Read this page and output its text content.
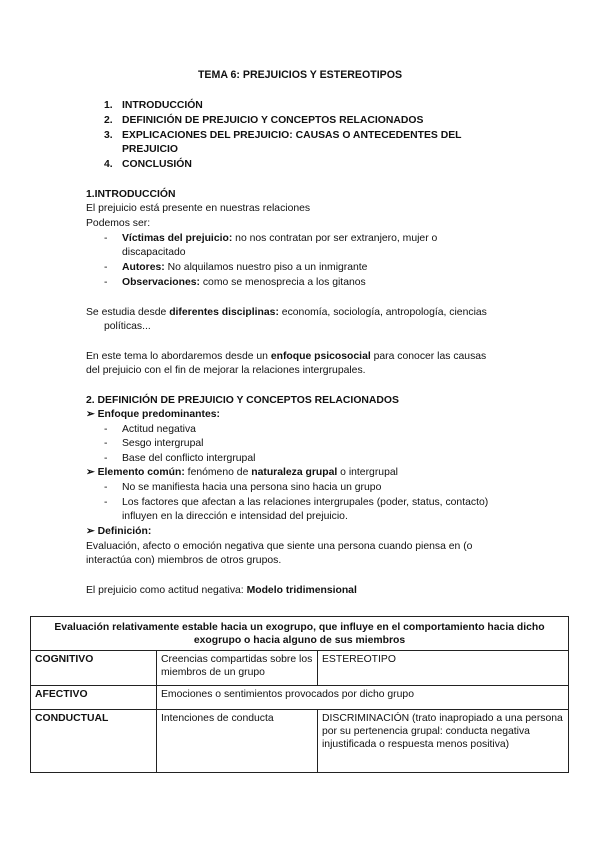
TEMA 6: PREJUICIOS Y ESTEREOTIPOS
1. INTRODUCCIÓN
2. DEFINICIÓN DE PREJUICIO Y CONCEPTOS RELACIONADOS
3. EXPLICACIONES DEL PREJUICIO: CAUSAS O ANTECEDENTES DEL
PREJUICIO
4. CONCLUSIÓN
1.INTRODUCCIÓN
El prejuicio está presente en nuestras relaciones
Podemos ser:
- Víctimas del prejuicio: no nos contratan por ser extranjero, mujer o
discapacitado
- Autores: No alquilamos nuestro piso a un inmigrante
- Observaciones: como se menosprecia a los gitanos
Se estudia desde diferentes disciplinas: economía, sociología, antropología, ciencias
políticas...
En este tema lo abordaremos desde un enfoque psicosocial para conocer las causas
del prejuicio con el fin de mejorar la relaciones intergrupales.
2. DEFINICIÓN DE PREJUICIO Y CONCEPTOS RELACIONADOS
➢ Enfoque predominantes:
- Actitud negativa
- Sesgo intergrupal
- Base del conflicto intergrupal
➢ Elemento común: fenómeno de naturaleza grupal o intergrupal
- No se manifiesta hacia una persona sino hacia un grupo
- Los factores que afectan a las relaciones intergrupales (poder, status, contacto)
influyen en la dirección e intensidad del prejuicio.
➢ Definición:
Evaluación, afecto o emoción negativa que siente una persona cuando piensa en (o
interactúa con) miembros de otros grupos.
El prejuicio como actitud negativa: Modelo tridimensional
Evaluación relativamente estable hacia un exogrupo, que influye en el comportamiento hacia dicho
exogrupo o hacia alguno de sus miembros		

COGNITIVO	Creencias compartidas sobre los miembros de un grupo	ESTEREOTIPO
AFECTIVO	Emociones o sentimientos provocados por dicho grupo	
CONDUCTUAL	Intenciones de conducta	DISCRIMINACIÓN (trato inapropiado a una persona por su pertenencia grupal: conducta negativa injustificada o respuesta menos positiva)
